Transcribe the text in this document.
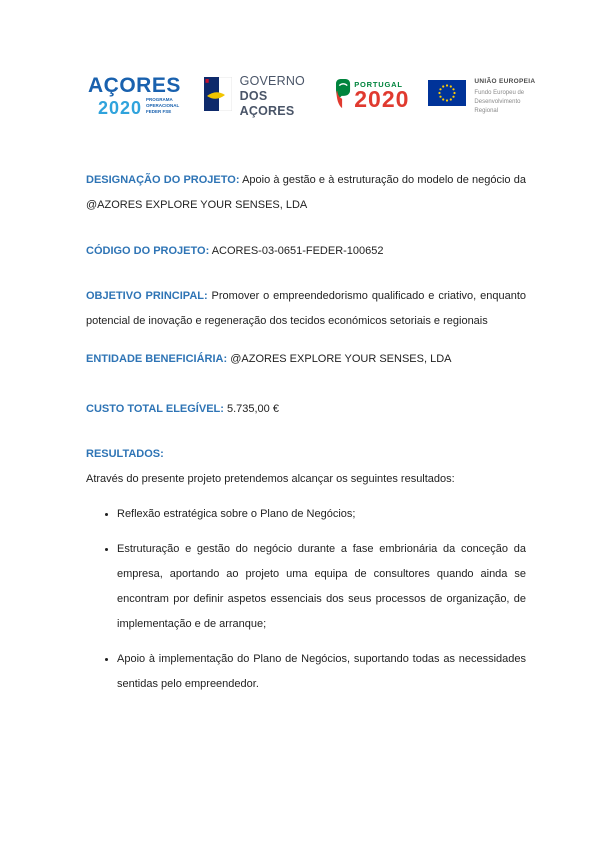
AÇORES
2020 PROGRAMA OPERACIONAL
FEDER FSE
GOVERNO
DOS AÇORES
PORTUGAL
2020
UNIÃO EUROPEIA
Fundo Europeu de
Desenvolvimento Regional

DESIGNAÇÃO DO PROJETO: Apoio à gestão e à estruturação do modelo de negócio da @AZORES EXPLORE YOUR SENSES, LDA

CÓDIGO DO PROJETO: ACORES-03-0651-FEDER-100652

OBJETIVO PRINCIPAL: Promover o empreendedorismo qualificado e criativo, enquanto potencial de inovação e regeneração dos tecidos económicos setoriais e regionais

ENTIDADE BENEFICIÁRIA: @AZORES EXPLORE YOUR SENSES, LDA

CUSTO TOTAL ELEGÍVEL: 5.735,00 €

RESULTADOS:

Através do presente projeto pretendemos alcançar os seguintes resultados:

• Reflexão estratégica sobre o Plano de Negócios;
• Estruturação e gestão do negócio durante a fase embrionária da conceção da empresa, aportando ao projeto uma equipa de consultores quando ainda se encontram por definir aspetos essenciais dos seus processos de organização, de implementação e de arranque;
• Apoio à implementação do Plano de Negócios, suportando todas as necessidades sentidas pelo empreendedor.
